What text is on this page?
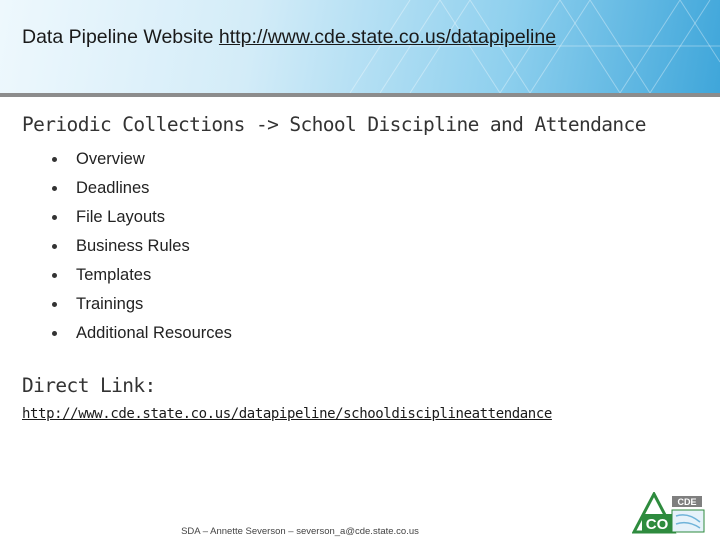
Data Pipeline Website http://www.cde.state.co.us/datapipeline
Periodic Collections -> School Discipline and Attendance
Overview
Deadlines
File Layouts
Business Rules
Templates
Trainings
Additional Resources
Direct Link:
http://www.cde.state.co.us/datapipeline/schooldisciplineattendance
SDA – Annette Severson – severson_a@cde.state.co.us	CO
CDE
